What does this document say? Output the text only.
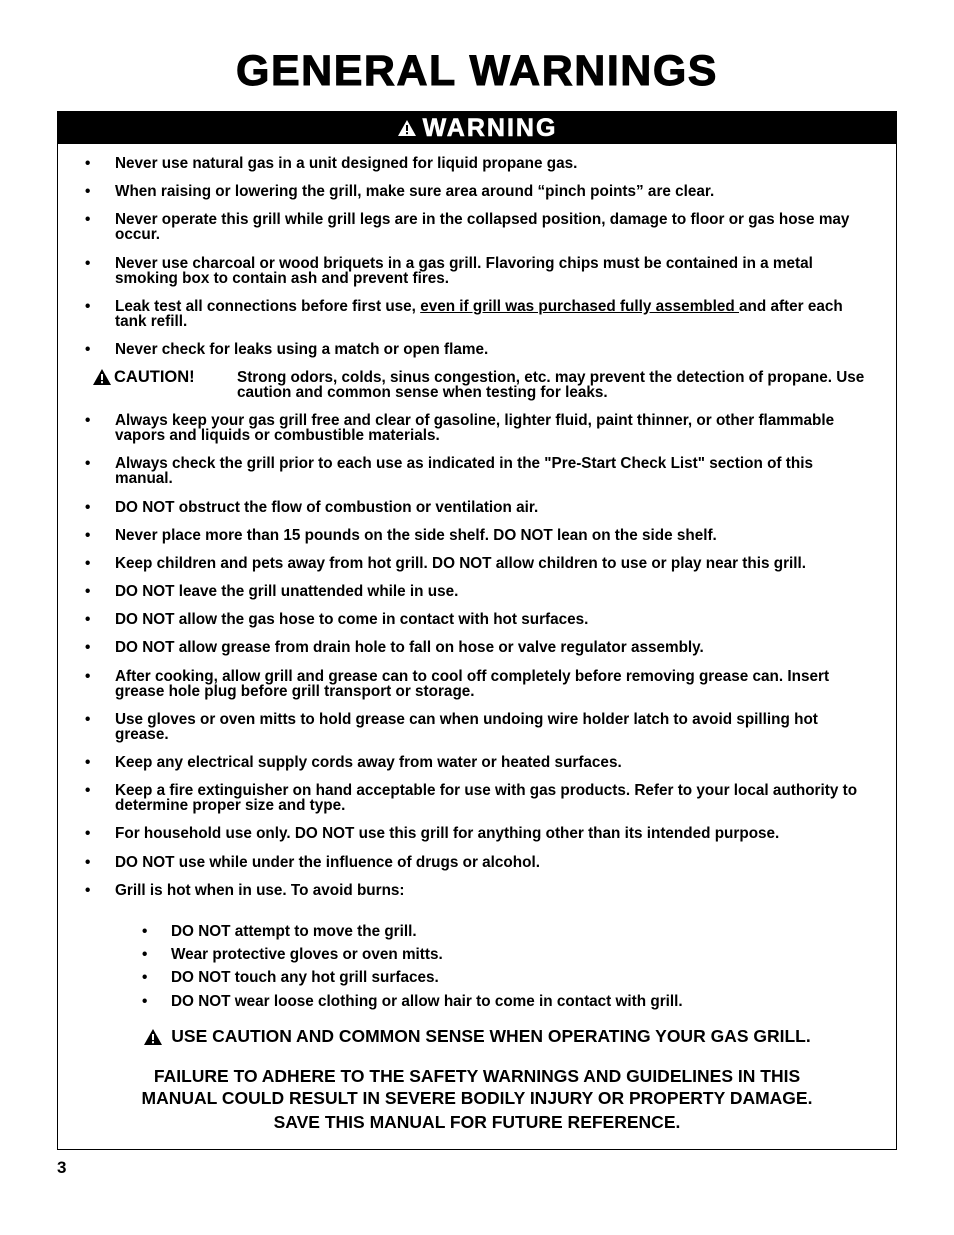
GENERAL WARNINGS
WARNING
• Never use natural gas in a unit designed for liquid propane gas.
• When raising or lowering the grill, make sure area around “pinch points” are clear.
• Never operate this grill while grill legs are in the collapsed position, damage to floor or gas hose may occur.
• Never use charcoal or wood briquets in a gas grill. Flavoring chips must be contained in a metal smoking box to contain ash and prevent fires.
• Leak test all connections before first use, even if grill was purchased fully assembled and after each tank refill.
• Never check for leaks using a match or open flame.
CAUTION!	Strong odors, colds, sinus congestion, etc. may prevent the detection of propane. Use caution and common sense when testing for leaks.
• Always keep your gas grill free and clear of gasoline, lighter fluid, paint thinner, or other flammable vapors and liquids or combustible materials.
• Always check the grill prior to each use as indicated in the "Pre-Start Check List" section of this manual.
• DO NOT obstruct the flow of combustion or ventilation air.
• Never place more than 15 pounds on the side shelf. DO NOT lean on the side shelf.
• Keep children and pets away from hot grill. DO NOT allow children to use or play near this grill.
• DO NOT leave the grill unattended while in use.
• DO NOT allow the gas hose to come in contact with hot surfaces.
• DO NOT allow grease from drain hole to fall on hose or valve regulator assembly.
• After cooking, allow grill and grease can to cool off completely before removing grease can. Insert grease hole plug before grill transport or storage.
• Use gloves or oven mitts to hold grease can when undoing wire holder latch to avoid spilling hot grease.
• Keep any electrical supply cords away from water or heated surfaces.
• Keep a fire extinguisher on hand acceptable for use with gas products. Refer to your local authority to determine proper size and type.
• For household use only. DO NOT use this grill for anything other than its intended purpose.
• DO NOT use while under the influence of drugs or alcohol.
• Grill is hot when in use. To avoid burns:
• DO NOT attempt to move the grill.
• Wear protective gloves or oven mitts.
• DO NOT touch any hot grill surfaces.
• DO NOT wear loose clothing or allow hair to come in contact with grill.
USE CAUTION AND COMMON SENSE WHEN OPERATING YOUR GAS GRILL.
FAILURE TO ADHERE TO THE SAFETY WARNINGS AND GUIDELINES IN THIS
MANUAL COULD RESULT IN SEVERE BODILY INJURY OR PROPERTY DAMAGE.
SAVE THIS MANUAL FOR FUTURE REFERENCE.
3
